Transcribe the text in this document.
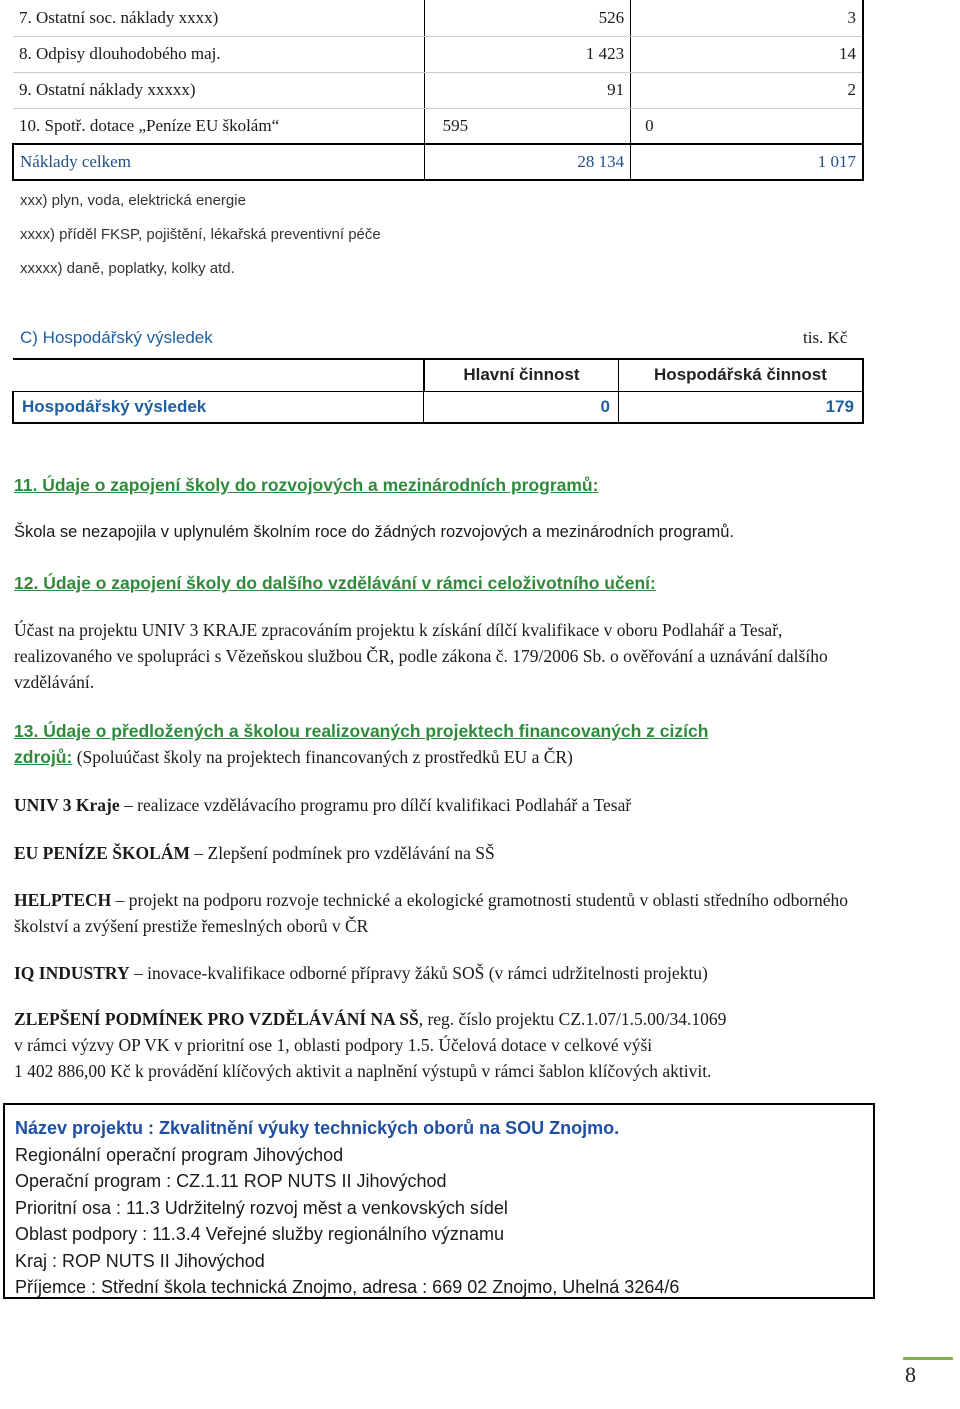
7. Ostatní soc. náklady xxxx)	526	3
8. Odpisy dlouhodobého maj.	1 423	14
9. Ostatní náklady xxxxx)	91	2
10. Spotř. dotace „Peníze EU školám“	595	0
Náklady celkem	28 134	1 017
xxx) plyn, voda, elektrická energie
xxxx) příděl FKSP, pojištění, lékařská preventivní péče
xxxxx) daně, poplatky, kolky atd.
C) Hospodářský výsledek	tis. Kč
	Hlavní činnost	Hospodářská činnost
Hospodářský výsledek	0	179
11. Údaje o zapojení školy do rozvojových a mezinárodních programů:
Škola se nezapojila v uplynulém školním roce do žádných rozvojových a mezinárodních programů.
12. Údaje o zapojení školy do dalšího vzdělávání v rámci celoživotního učení:
Účast na projektu UNIV 3 KRAJE zpracováním projektu k získání dílčí kvalifikace v oboru Podlahář a Tesař, realizovaného ve spolupráci s Vězeňskou službou ČR, podle zákona č. 179/2006 Sb. o ověřování a uznávání dalšího vzdělávání.
13. Údaje o předložených a školou realizovaných projektech financovaných z cizích
zdrojů: (Spoluúčast školy na projektech financovaných z prostředků EU a ČR)
UNIV 3 Kraje – realizace vzdělávacího programu pro dílčí kvalifikaci Podlahář a Tesař
EU PENÍZE ŠKOLÁM – Zlepšení podmínek pro vzdělávání na SŠ
HELPTECH – projekt na podporu rozvoje technické a ekologické gramotnosti studentů v oblasti středního odborného školství a zvýšení prestiže řemeslných oborů v ČR
IQ INDUSTRY – inovace-kvalifikace odborné přípravy žáků SOŠ (v rámci udržitelnosti projektu)
ZLEPŠENÍ PODMÍNEK PRO VZDĚLÁVÁNÍ NA SŠ, reg. číslo projektu CZ.1.07/1.5.00/34.1069
v rámci výzvy OP VK v prioritní ose 1, oblasti podpory 1.5. Účelová dotace v celkové výši
1 402 886,00 Kč k provádění klíčových aktivit a naplnění výstupů v rámci šablon klíčových aktivit.
Název projektu : Zkvalitnění výuky technických oborů na SOU Znojmo.
Regionální operační program Jihovýchod
Operační program : CZ.1.11 ROP NUTS II Jihovýchod
Prioritní osa : 11.3 Udržitelný rozvoj měst a venkovských sídel
Oblast podpory : 11.3.4 Veřejné služby regionálního významu
Kraj : ROP NUTS II Jihovýchod
Příjemce : Střední škola technická Znojmo, adresa : 669 02 Znojmo, Uhelná 3264/6
8
